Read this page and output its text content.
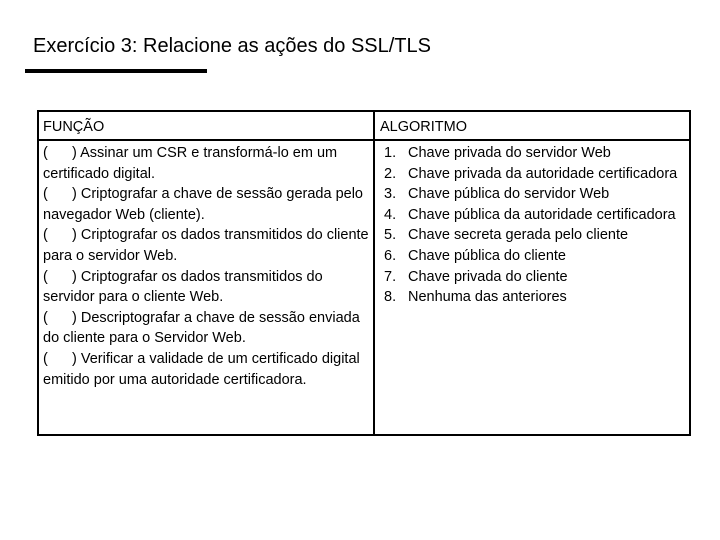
Exercício 3: Relacione as ações do SSL/TLS
FUNÇÃO	ALGORITMO

(      ) Assinar um CSR e transformá-lo em um certificado digital.

(      ) Criptografar a chave de sessão gerada pelo navegador Web (cliente).

(      ) Criptografar os dados transmitidos do cliente para o servidor Web.

(      ) Criptografar os dados transmitidos do servidor para o cliente Web.

(      ) Descriptografar a chave de sessão enviada do cliente para o Servidor Web.

(      ) Verificar a validade de um certificado digital emitido por uma autoridade certificadora.

1. Chave privada do servidor Web
2. Chave privada da autoridade certificadora
3. Chave pública do servidor Web
4. Chave pública da autoridade certificadora
5. Chave secreta gerada pelo cliente
6. Chave pública do cliente
7. Chave privada do cliente
8. Nenhuma das anteriores
